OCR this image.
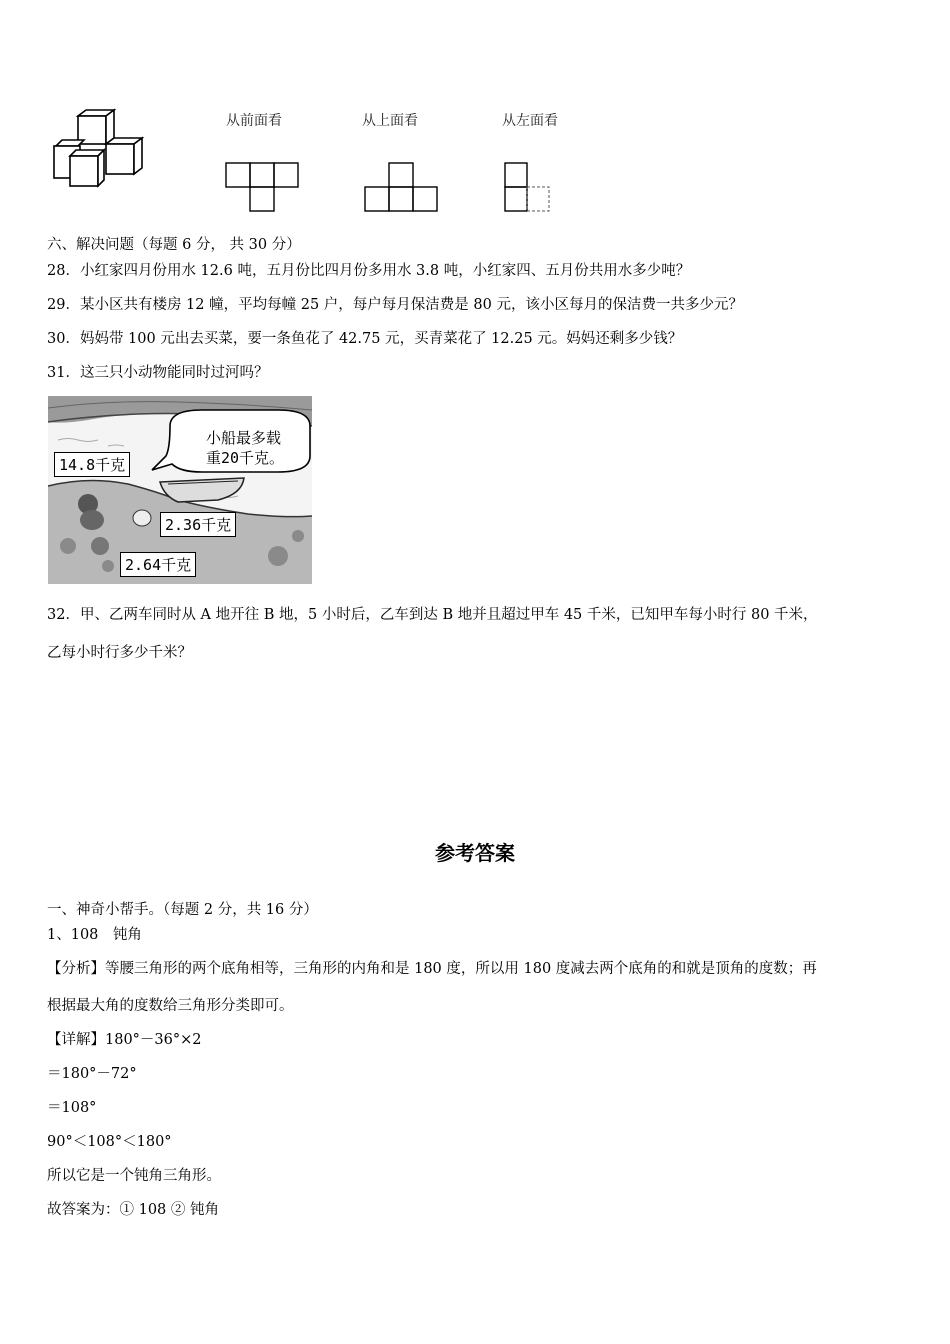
从前面看	从上面看	从左面看
六、解决问题（每题 6 分， 共 30 分）
28．小红家四月份用水 12.6 吨，五月份比四月份多用水 3.8 吨，小红家四、五月份共用水多少吨？
29．某小区共有楼房 12 幢，平均每幢 25 户，每户每月保洁费是 80 元，该小区每月的保洁费一共多少元？
30．妈妈带 100 元出去买菜，要一条鱼花了 42.75 元，买青菜花了 12.25 元。妈妈还剩多少钱？
31．这三只小动物能同时过河吗？
小船最多载
重20千克。
14.8千克
2.36千克
2.64千克
32．甲、乙两车同时从 A 地开往 B 地，5 小时后，乙车到达 B 地并且超过甲车 45 千米，已知甲车每小时行 80 千米，
乙每小时行多少千米？
参考答案
一、神奇小帮手。（每题 2 分，共 16 分）
1、108　钝角
【分析】等腰三角形的两个底角相等，三角形的内角和是 180 度，所以用 180 度减去两个底角的和就是顶角的度数；再
根据最大角的度数给三角形分类即可。
【详解】180°－36°×2
＝180°－72°
＝108°
90°＜108°＜180°
所以它是一个钝角三角形。
故答案为：① 108 ② 钝角
